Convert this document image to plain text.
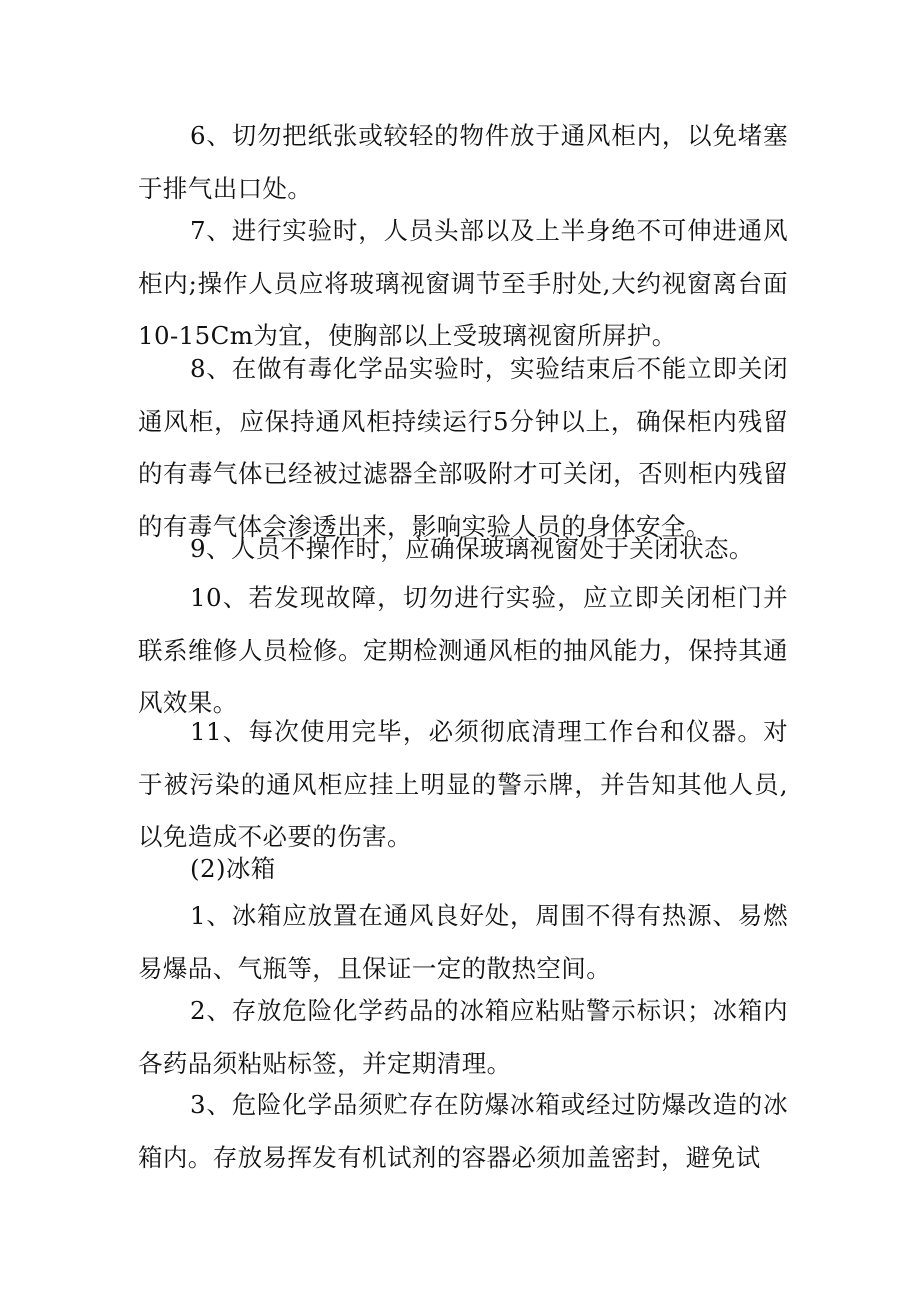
6、切勿把纸张或较轻的物件放于通风柜内，以免堵塞于排气出口处。

7、进行实验时，人员头部以及上半身绝不可伸进通风柜内;操作人员应将玻璃视窗调节至手肘处,大约视窗离台面10-15Cm为宜，使胸部以上受玻璃视窗所屏护。

8、在做有毒化学品实验时，实验结束后不能立即关闭通风柜，应保持通风柜持续运行5分钟以上，确保柜内残留的有毒气体已经被过滤器全部吸附才可关闭，否则柜内残留的有毒气体会渗透出来，影响实验人员的身体安全。

9、人员不操作时，应确保玻璃视窗处于关闭状态。

10、若发现故障，切勿进行实验，应立即关闭柜门并联系维修人员检修。定期检测通风柜的抽风能力，保持其通风效果。

11、每次使用完毕，必须彻底清理工作台和仪器。对于被污染的通风柜应挂上明显的警示牌，并告知其他人员,以免造成不必要的伤害。

(2)冰箱

1、冰箱应放置在通风良好处，周围不得有热源、易燃易爆品、气瓶等，且保证一定的散热空间。

2、存放危险化学药品的冰箱应粘贴警示标识；冰箱内各药品须粘贴标签，并定期清理。

3、危险化学品须贮存在防爆冰箱或经过防爆改造的冰箱内。存放易挥发有机试剂的容器必须加盖密封，避免试
